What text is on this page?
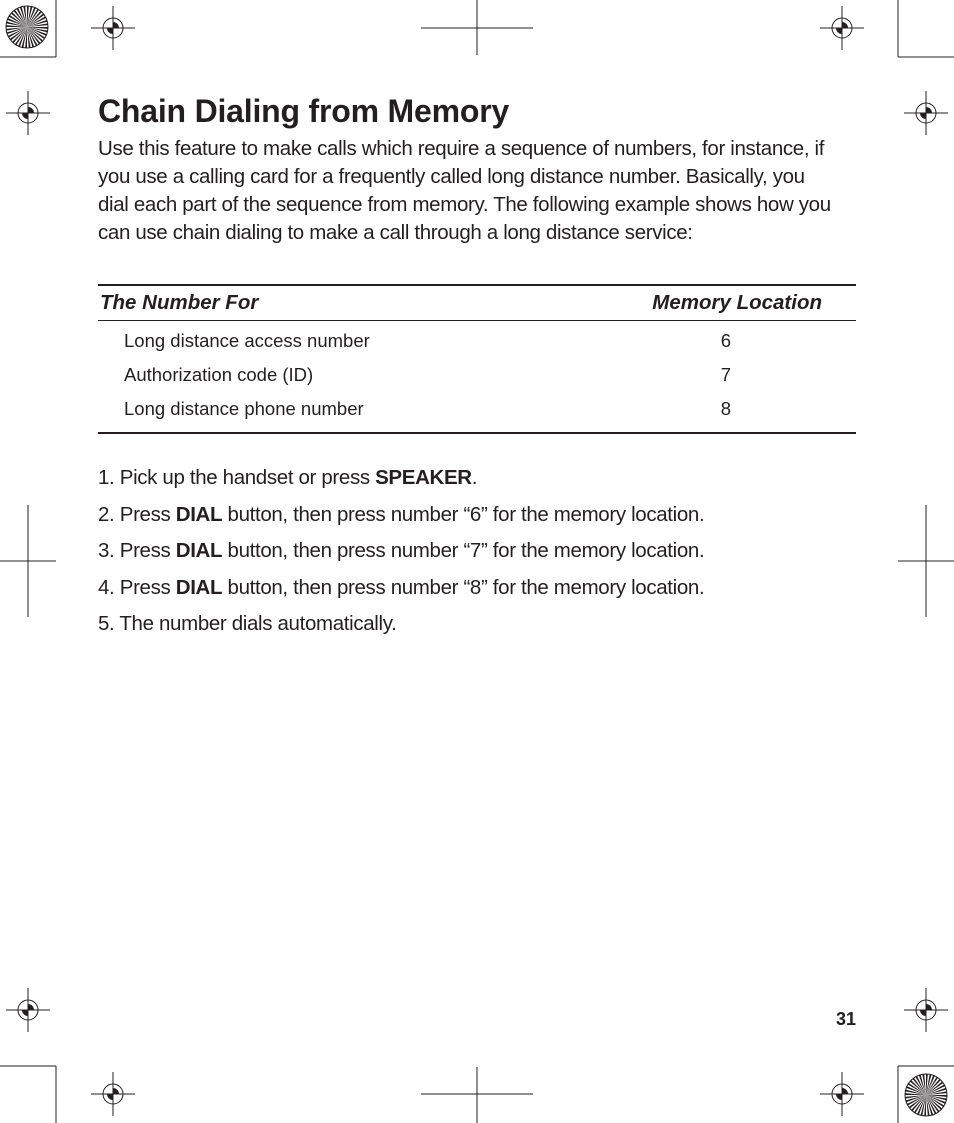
Chain Dialing from Memory

Use this feature to make calls which require a sequence of numbers, for instance, if you use a calling card for a frequently called long distance number. Basically, you dial each part of the sequence from memory. The following example shows how you can use chain dialing to make a call through a long distance service:

The Number For	Memory Location
Long distance access number	6
Authorization code (ID)	7
Long distance phone number	8
1. Pick up the handset or press SPEAKER.
2. Press DIAL button, then press number “6” for the memory location.
3. Press DIAL button, then press number “7” for the memory location.
4. Press DIAL button, then press number “8” for the memory location.
5. The number dials automatically.
31
